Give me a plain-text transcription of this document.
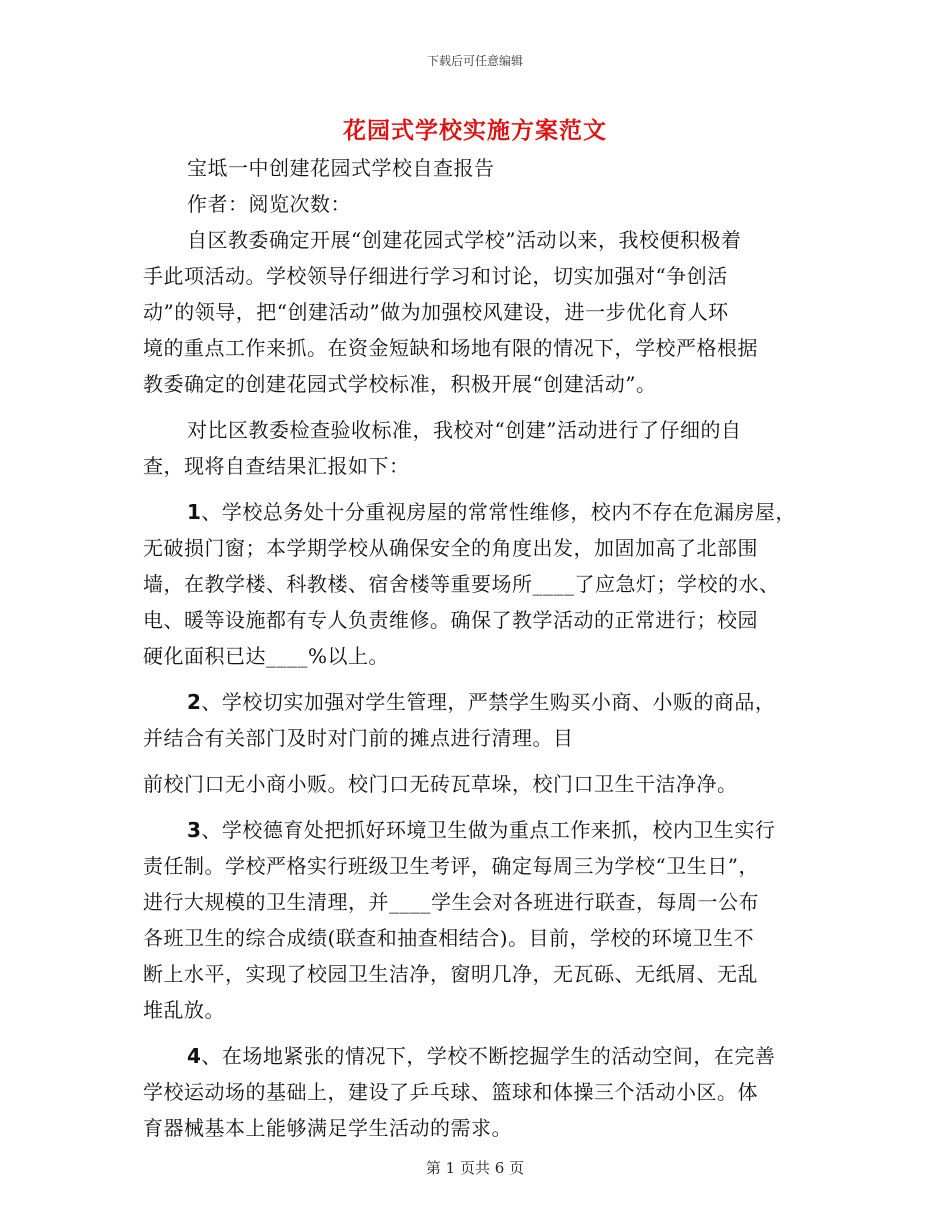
下载后可任意编辑
花园式学校实施方案范文
宝坻一中创建花园式学校自查报告
作者：阅览次数：
自区教委确定开展“创建花园式学校”活动以来，我校便积极着
手此项活动。学校领导仔细进行学习和讨论，切实加强对“争创活
动”的领导，把“创建活动”做为加强校风建设，进一步优化育人环
境的重点工作来抓。在资金短缺和场地有限的情况下，学校严格根据
教委确定的创建花园式学校标准，积极开展“创建活动”。
对比区教委检查验收标准，我校对“创建”活动进行了仔细的自
查，现将自查结果汇报如下：
1、学校总务处十分重视房屋的常常性维修，校内不存在危漏房屋，
无破损门窗；本学期学校从确保安全的角度出发，加固加高了北部围
墙，在教学楼、科教楼、宿舍楼等重要场所____了应急灯；学校的水、
电、暖等设施都有专人负责维修。确保了教学活动的正常进行；校园
硬化面积已达____%以上。
2、学校切实加强对学生管理，严禁学生购买小商、小贩的商品，
并结合有关部门及时对门前的摊点进行清理。目
前校门口无小商小贩。校门口无砖瓦草垛，校门口卫生干洁净净。
3、学校德育处把抓好环境卫生做为重点工作来抓，校内卫生实行
责任制。学校严格实行班级卫生考评，确定每周三为学校“卫生日”，
进行大规模的卫生清理，并____学生会对各班进行联查，每周一公布
各班卫生的综合成绩(联查和抽查相结合)。目前，学校的环境卫生不
断上水平，实现了校园卫生洁净，窗明几净，无瓦砾、无纸屑、无乱
堆乱放。
4、在场地紧张的情况下，学校不断挖掘学生的活动空间，在完善
学校运动场的基础上，建设了乒乓球、篮球和体操三个活动小区。体
育器械基本上能够满足学生活动的需求。
第 1 页共 6 页
